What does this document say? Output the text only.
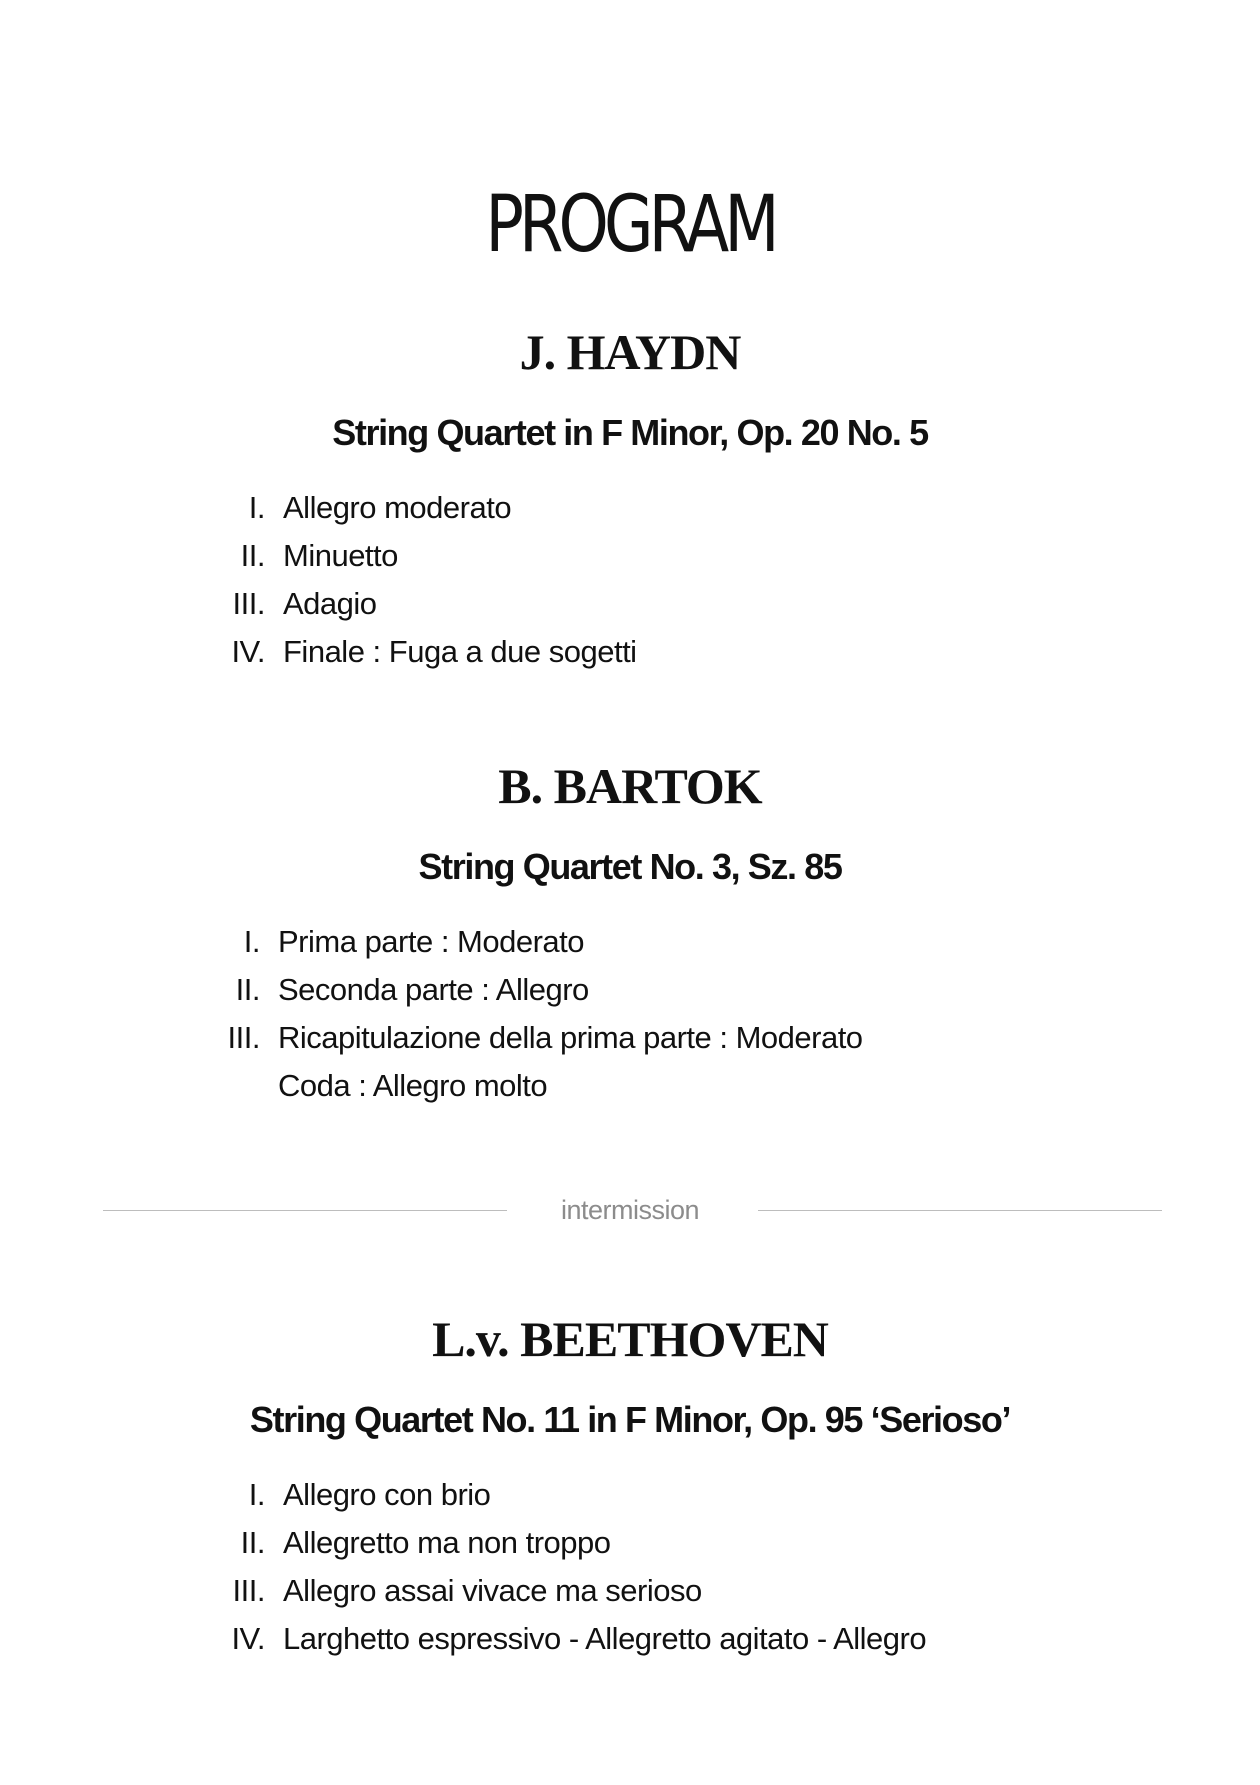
PROGRAM
J. HAYDN
String Quartet in F Minor, Op. 20 No. 5
I. Allegro moderato
II. Minuetto
III. Adagio
IV. Finale : Fuga a due sogetti
B. BARTOK
String Quartet No. 3, Sz. 85
I. Prima parte : Moderato
II. Seconda parte : Allegro
III. Ricapitulazione della prima parte : Moderato
Coda : Allegro molto
intermission
L.v. BEETHOVEN
String Quartet No. 11 in F Minor, Op. 95 ‘Serioso’
I. Allegro con brio
II. Allegretto ma non troppo
III. Allegro assai vivace ma serioso
IV. Larghetto espressivo - Allegretto agitato - Allegro
